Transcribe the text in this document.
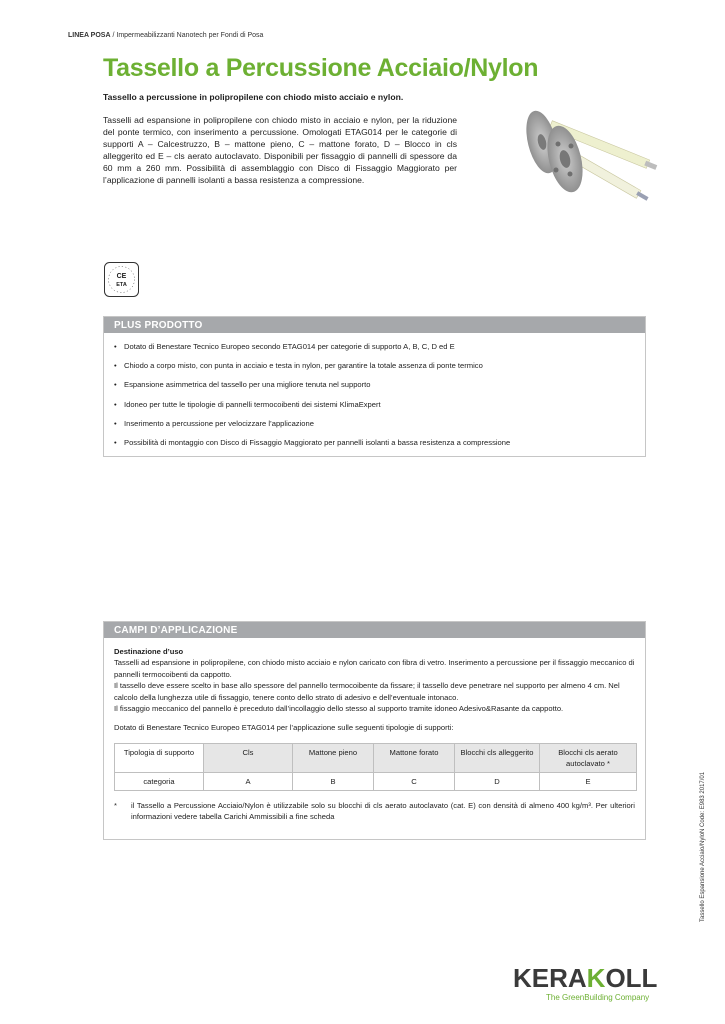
LINEA POSA / Impermeabilizzanti Nanotech per Fondi di Posa
Tassello a Percussione Acciaio/Nylon
Tassello a percussione in polipropilene con chiodo misto acciaio e nylon.
Tasselli ad espansione in polipropilene con chiodo misto in acciaio e nylon, per la riduzione del ponte termico, con inserimento a percussione. Omologati ETAG014 per le categorie di supporti A – Calcestruzzo, B – mattone pieno, C – mattone forato, D – Blocco in cls alleggerito ed E – cls aerato autoclavato. Disponibili per fissaggio di pannelli di spessore da 60 mm a 260 mm. Possibilità di assemblaggio con Disco di Fissaggio Maggiorato per l’applicazione di pannelli isolanti a bassa resistenza a compressione.
CE
ETA
PLUS PRODOTTO
• Dotato di Benestare Tecnico Europeo secondo ETAG014 per categorie di supporto A, B, C, D ed E
• Chiodo a corpo misto, con punta in acciaio e testa in nylon, per garantire la totale assenza di ponte termico
• Espansione asimmetrica del tassello per una migliore tenuta nel supporto
• Idoneo per tutte le tipologie di pannelli termocoibenti dei sistemi KlimaExpert
• Inserimento a percussione per velocizzare l’applicazione
• Possibilità di montaggio con Disco di Fissaggio Maggiorato per pannelli isolanti a bassa resistenza a compressione
CAMPI D’APPLICAZIONE
Destinazione d’uso
Tasselli ad espansione in polipropilene, con chiodo misto acciaio e nylon caricato con fibra di vetro. Inserimento a percussione per il fissaggio meccanico di pannelli termocoibenti da cappotto.
Il tassello deve essere scelto in base allo spessore del pannello termocoibente da fissare; il tassello deve penetrare nel supporto per almeno 4 cm. Nel calcolo della lunghezza utile di fissaggio, tenere conto dello strato di adesivo e dell’eventuale intonaco.
Il fissaggio meccanico del pannello è preceduto dall’incollaggio dello stesso al supporto tramite idoneo Adesivo&Rasante da cappotto.
Dotato di Benestare Tecnico Europeo ETAG014 per l’applicazione sulle seguenti tipologie di supporti:
Tipologia di supporto	Cls	Mattone pieno	Mattone forato	Blocchi cls alleggerito	Blocchi cls aerato autoclavato *
categoria	A	B	C	D	E
* il Tassello a Percussione Acciaio/Nylon è utilizzabile solo su blocchi di cls aerato autoclavato (cat. E) con densità di almeno 400 kg/m³. Per ulteriori informazioni vedere tabella Carichi Ammissibili a fine scheda	Tassello Espansione Acciaio/NyloN Code: E983 2017/01
KERA K OLL
The GreenBuilding Company
